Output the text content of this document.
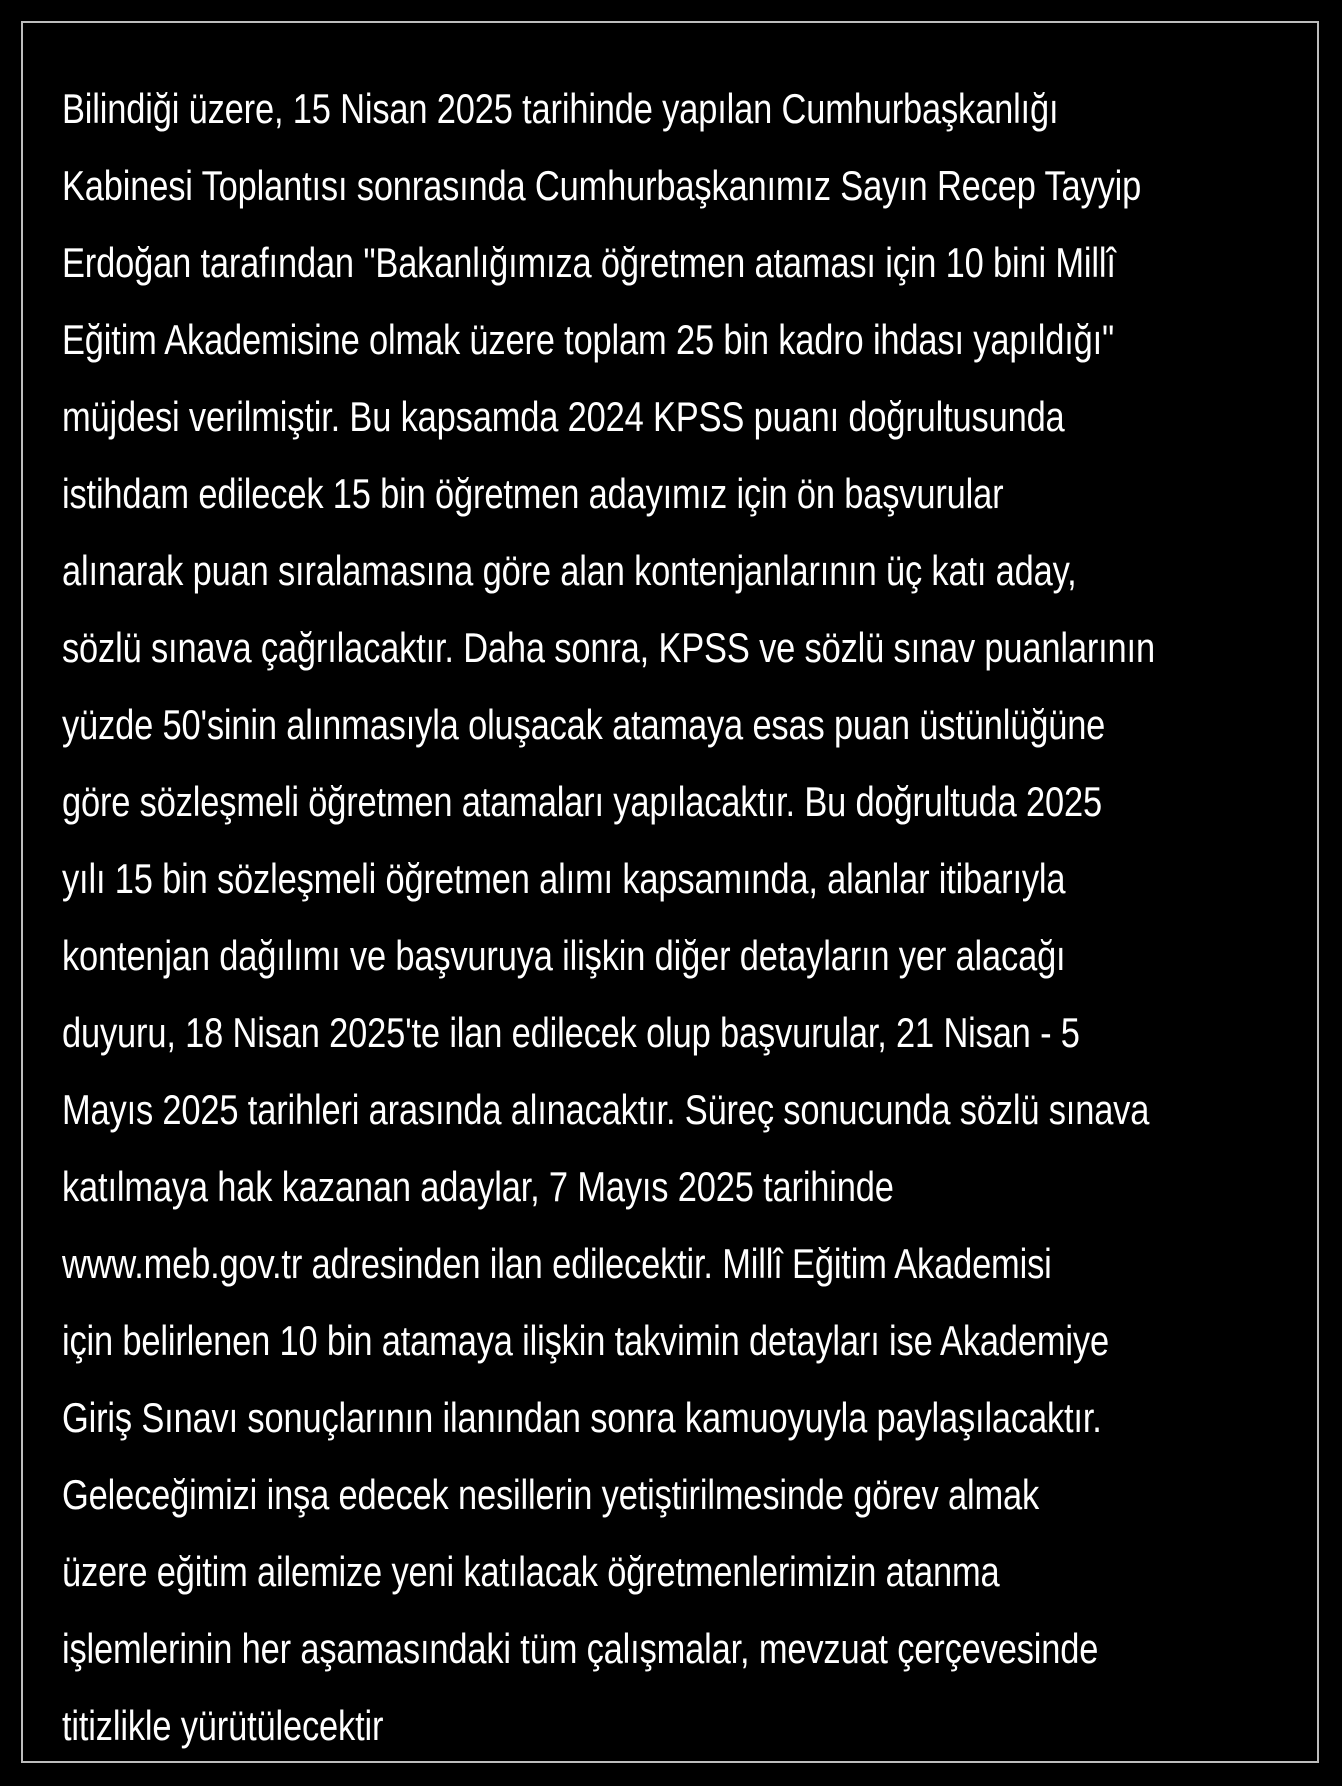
Bilindiği üzere, 15 Nisan 2025 tarihinde yapılan Cumhurbaşkanlığı
Kabinesi Toplantısı sonrasında Cumhurbaşkanımız Sayın Recep Tayyip
Erdoğan tarafından "Bakanlığımıza öğretmen ataması için 10 bini Millî
Eğitim Akademisine olmak üzere toplam 25 bin kadro ihdası yapıldığı"
müjdesi verilmiştir. Bu kapsamda 2024 KPSS puanı doğrultusunda
istihdam edilecek 15 bin öğretmen adayımız için ön başvurular
alınarak puan sıralamasına göre alan kontenjanlarının üç katı aday,
sözlü sınava çağrılacaktır. Daha sonra, KPSS ve sözlü sınav puanlarının
yüzde 50'sinin alınmasıyla oluşacak atamaya esas puan üstünlüğüne
göre sözleşmeli öğretmen atamaları yapılacaktır. Bu doğrultuda 2025
yılı 15 bin sözleşmeli öğretmen alımı kapsamında, alanlar itibarıyla
kontenjan dağılımı ve başvuruya ilişkin diğer detayların yer alacağı
duyuru, 18 Nisan 2025'te ilan edilecek olup başvurular, 21 Nisan - 5
Mayıs 2025 tarihleri arasında alınacaktır. Süreç sonucunda sözlü sınava
katılmaya hak kazanan adaylar, 7 Mayıs 2025 tarihinde
www.meb.gov.tr adresinden ilan edilecektir. Millî Eğitim Akademisi
için belirlenen 10 bin atamaya ilişkin takvimin detayları ise Akademiye
Giriş Sınavı sonuçlarının ilanından sonra kamuoyuyla paylaşılacaktır.
Geleceğimizi inşa edecek nesillerin yetiştirilmesinde görev almak
üzere eğitim ailemize yeni katılacak öğretmenlerimizin atanma
işlemlerinin her aşamasındaki tüm çalışmalar, mevzuat çerçevesinde
titizlikle yürütülecektir
